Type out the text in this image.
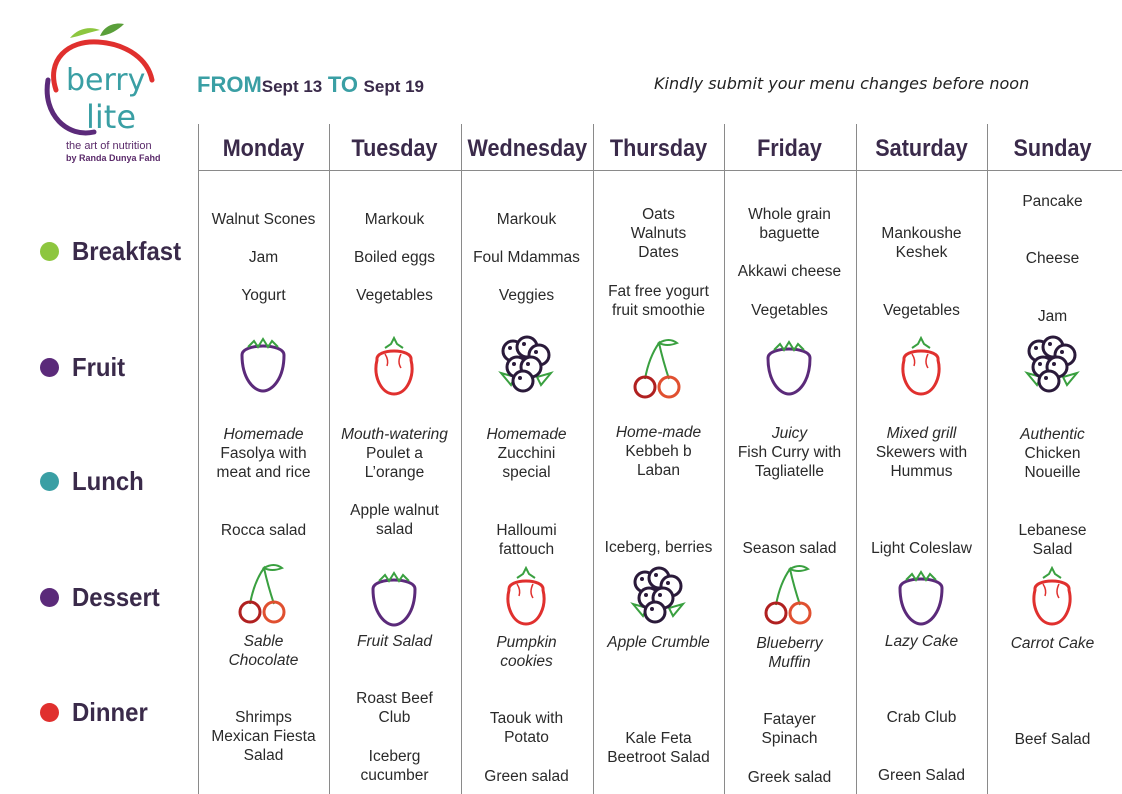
berry
lite
the art of nutrition
by Randa Dunya Fahd
FROMSept 13 TO Sept 19	Kindly submit your menu changes before noon
Breakfast
Fruit
Lunch
Dessert
Dinner
Monday
Walnut Scones
Jam
Yogurt
Homemade
Fasolya with
meat and rice
Rocca salad
Sable
Chocolate
Shrimps
Mexican Fiesta
Salad
Tuesday
Markouk
Boiled eggs
Vegetables
Mouth-watering
Poulet a
L’orange
Apple walnut
salad
Fruit Salad
Roast Beef
Club
Iceberg
cucumber
Wednesday
Markouk
Foul Mdammas
Veggies
Homemade
Zucchini
special
Halloumi
fattouch
Pumpkin
cookies
Taouk with
Potato
Green salad
Thursday
Oats
Walnuts
Dates
Fat free yogurt
fruit smoothie
Home-made
Kebbeh b
Laban
Iceberg, berries
Apple Crumble
Kale Feta
Beetroot Salad
Friday
Whole grain
baguette
Akkawi cheese
Vegetables
Juicy
Fish Curry with
Tagliatelle
Season salad
Blueberry
Muffin
Fatayer
Spinach
Greek salad
Saturday
Mankoushe
Keshek
Vegetables
Mixed grill
Skewers with
Hummus
Light Coleslaw
Lazy Cake
Crab Club
Green Salad
Sunday
Pancake
Cheese
Jam
Authentic
Chicken
Noueille
Lebanese
Salad
Carrot Cake
Beef Salad
